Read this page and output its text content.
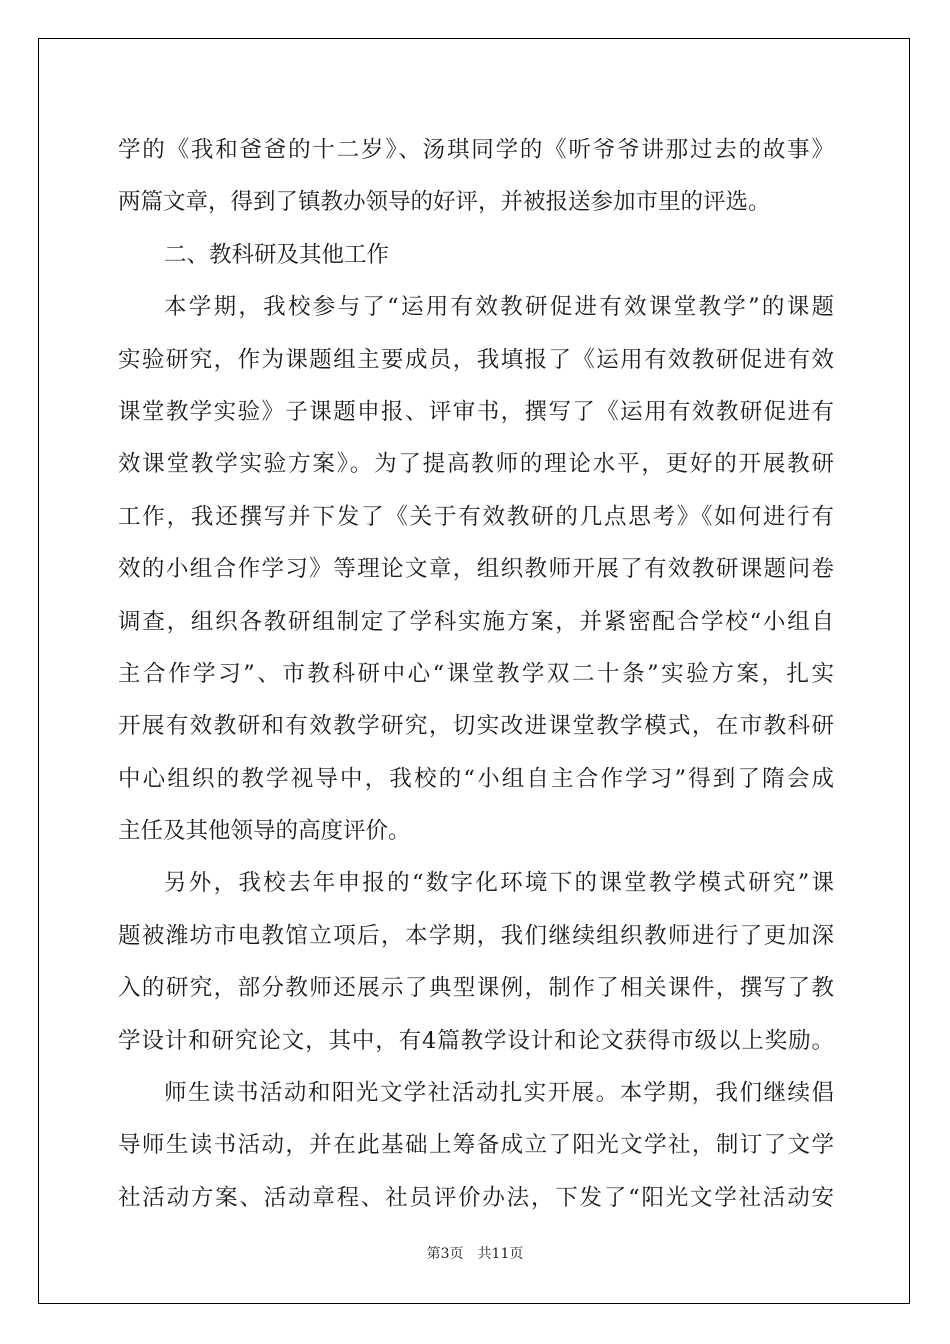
学的《我和爸爸的十二岁》、汤琪同学的《听爷爷讲那过去的故事》
两篇文章，得到了镇教办领导的好评，并被报送参加市里的评选。
二、教科研及其他工作
本学期，我校参与了“运用有效教研促进有效课堂教学”的课题
实验研究，作为课题组主要成员，我填报了《运用有效教研促进有效
课堂教学实验》子课题申报、评审书，撰写了《运用有效教研促进有
效课堂教学实验方案》。为了提高教师的理论水平，更好的开展教研
工作，我还撰写并下发了《关于有效教研的几点思考》《如何进行有
效的小组合作学习》等理论文章，组织教师开展了有效教研课题问卷
调查，组织各教研组制定了学科实施方案，并紧密配合学校“小组自
主合作学习”、市教科研中心“课堂教学双二十条”实验方案，扎实
开展有效教研和有效教学研究，切实改进课堂教学模式，在市教科研
中心组织的教学视导中，我校的“小组自主合作学习”得到了隋会成
主任及其他领导的高度评价。
另外，我校去年申报的“数字化环境下的课堂教学模式研究”课
题被潍坊市电教馆立项后，本学期，我们继续组织教师进行了更加深
入的研究，部分教师还展示了典型课例，制作了相关课件，撰写了教
学设计和研究论文，其中，有4篇教学设计和论文获得市级以上奖励。
师生读书活动和阳光文学社活动扎实开展。本学期，我们继续倡
导师生读书活动，并在此基础上筹备成立了阳光文学社，制订了文学
社活动方案、活动章程、社员评价办法，下发了“阳光文学社活动安
第3页 共11页
